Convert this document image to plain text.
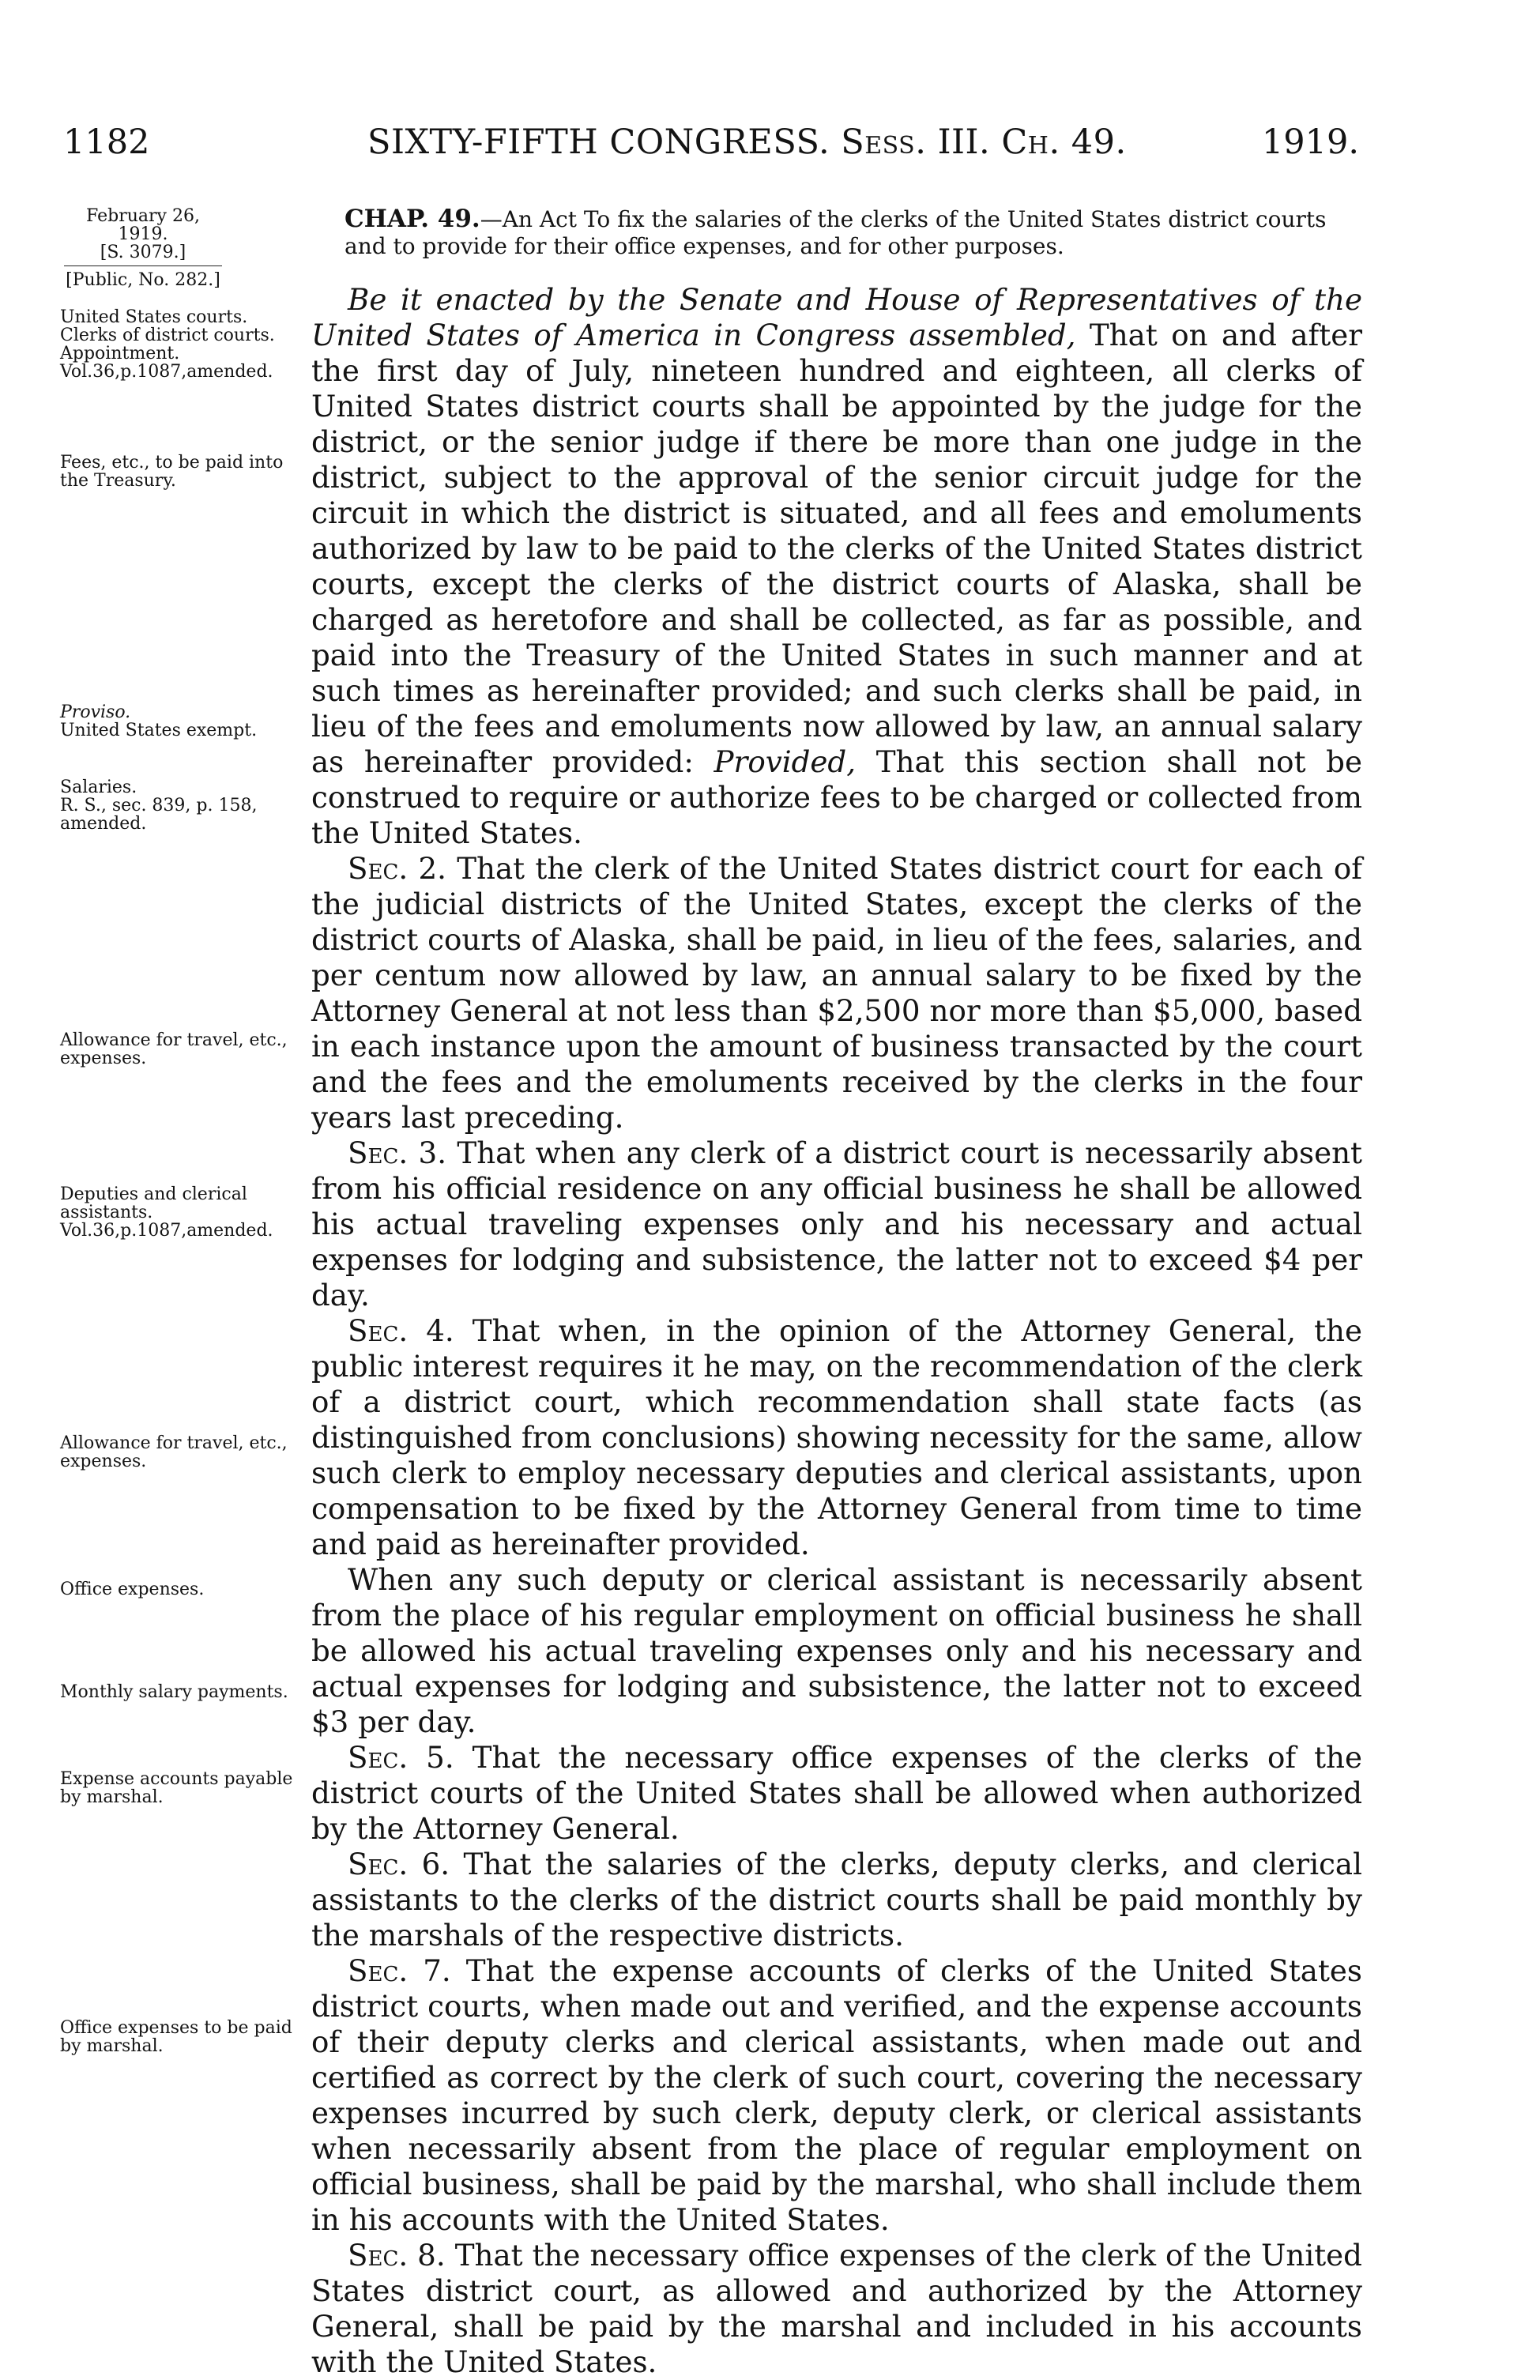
1182	SIXTY-FIFTH CONGRESS. Sess. III. Ch. 49.	1919.
February 26, 1919.
[S. 3079.]
[Public, No. 282.]
United States courts.
Clerks of district courts.
Appointment.
Vol.36,p.1087,amended.
Fees, etc., to be paid into the Treasury.
Proviso.
United States exempt.
Salaries.
R. S., sec. 839, p. 158, amended.
Allowance for travel, etc., expenses.
Deputies and clerical assistants.
Vol.36,p.1087,amended.
Allowance for travel, etc., expenses.
Office expenses.
Monthly salary payments.
Expense accounts payable by marshal.
Office expenses to be paid by marshal.
CHAP. 49.—An Act To fix the salaries of the clerks of the United States district courts and to provide for their office expenses, and for other purposes.

Be it enacted by the Senate and House of Representatives of the United States of America in Congress assembled, That on and after the first day of July, nineteen hundred and eighteen, all clerks of United States district courts shall be appointed by the judge for the district, or the senior judge if there be more than one judge in the district, subject to the approval of the senior circuit judge for the circuit in which the district is situated, and all fees and emoluments authorized by law to be paid to the clerks of the United States district courts, except the clerks of the district courts of Alaska, shall be charged as heretofore and shall be collected, as far as possible, and paid into the Treasury of the United States in such manner and at such times as hereinafter provided; and such clerks shall be paid, in lieu of the fees and emoluments now allowed by law, an annual salary as hereinafter provided: Provided, That this section shall not be construed to require or authorize fees to be charged or collected from the United States.

Sec. 2. That the clerk of the United States district court for each of the judicial districts of the United States, except the clerks of the district courts of Alaska, shall be paid, in lieu of the fees, salaries, and per centum now allowed by law, an annual salary to be fixed by the Attorney General at not less than $2,500 nor more than $5,000, based in each instance upon the amount of business transacted by the court and the fees and the emoluments received by the clerks in the four years last preceding.

Sec. 3. That when any clerk of a district court is necessarily absent from his official residence on any official business he shall be allowed his actual traveling expenses only and his necessary and actual expenses for lodging and subsistence, the latter not to exceed $4 per day.

Sec. 4. That when, in the opinion of the Attorney General, the public interest requires it he may, on the recommendation of the clerk of a district court, which recommendation shall state facts (as distinguished from conclusions) showing necessity for the same, allow such clerk to employ necessary deputies and clerical assistants, upon compensation to be fixed by the Attorney General from time to time and paid as hereinafter provided.

When any such deputy or clerical assistant is necessarily absent from the place of his regular employment on official business he shall be allowed his actual traveling expenses only and his necessary and actual expenses for lodging and subsistence, the latter not to exceed $3 per day.

Sec. 5. That the necessary office expenses of the clerks of the district courts of the United States shall be allowed when authorized by the Attorney General.

Sec. 6. That the salaries of the clerks, deputy clerks, and clerical assistants to the clerks of the district courts shall be paid monthly by the marshals of the respective districts.

Sec. 7. That the expense accounts of clerks of the United States district courts, when made out and verified, and the expense accounts of their deputy clerks and clerical assistants, when made out and certified as correct by the clerk of such court, covering the necessary expenses incurred by such clerk, deputy clerk, or clerical assistants when necessarily absent from the place of regular employment on official business, shall be paid by the marshal, who shall include them in his accounts with the United States.

Sec. 8. That the necessary office expenses of the clerk of the United States district court, as allowed and authorized by the Attorney General, shall be paid by the marshal and included in his accounts with the United States.
